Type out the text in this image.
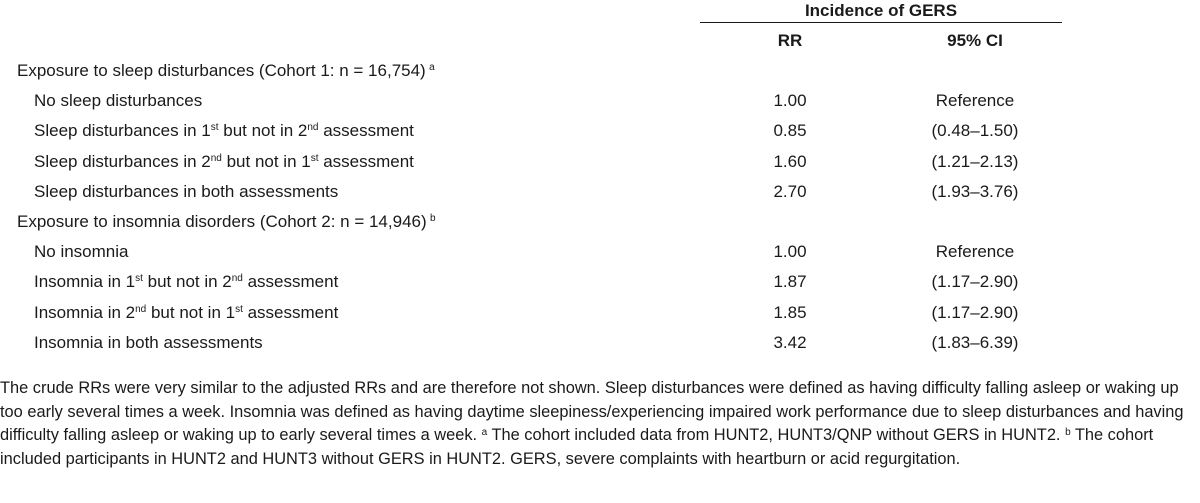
Incidence of GERS
RR	95% CI
Exposure to sleep disturbances (Cohort 1: n = 16,754)  $^a$
No sleep disturbances	1.00	Reference
Sleep disturbances in 1st but not in 2nd assessment	0.85	(0.48–1.50)
Sleep disturbances in 2nd but not in 1st assessment	1.60	(1.21–2.13)
Sleep disturbances in both assessments	2.70	(1.93–3.76)
Exposure to insomnia disorders (Cohort 2: n = 14,946)  $^b$
No insomnia	1.00	Reference
Insomnia in 1st but not in 2nd assessment	1.87	(1.17–2.90)
Insomnia in 2nd but not in 1st assessment	1.85	(1.17–2.90)
Insomnia in both assessments	3.42	(1.83–6.39)
The crude RRs were very similar to the adjusted RRs and are therefore not shown. Sleep disturbances were defined as having difficulty falling asleep or waking up too early several times a week. Insomnia was defined as having daytime sleepiness/experiencing impaired work performance due to sleep disturbances and having difficulty falling asleep or waking up to early several times a week. $^a$ The cohort included data from HUNT2, HUNT3/QNP without GERS in HUNT2. $^b$ The cohort included participants in HUNT2 and HUNT3 without GERS in HUNT2. GERS, severe complaints with heartburn or acid regurgitation.
